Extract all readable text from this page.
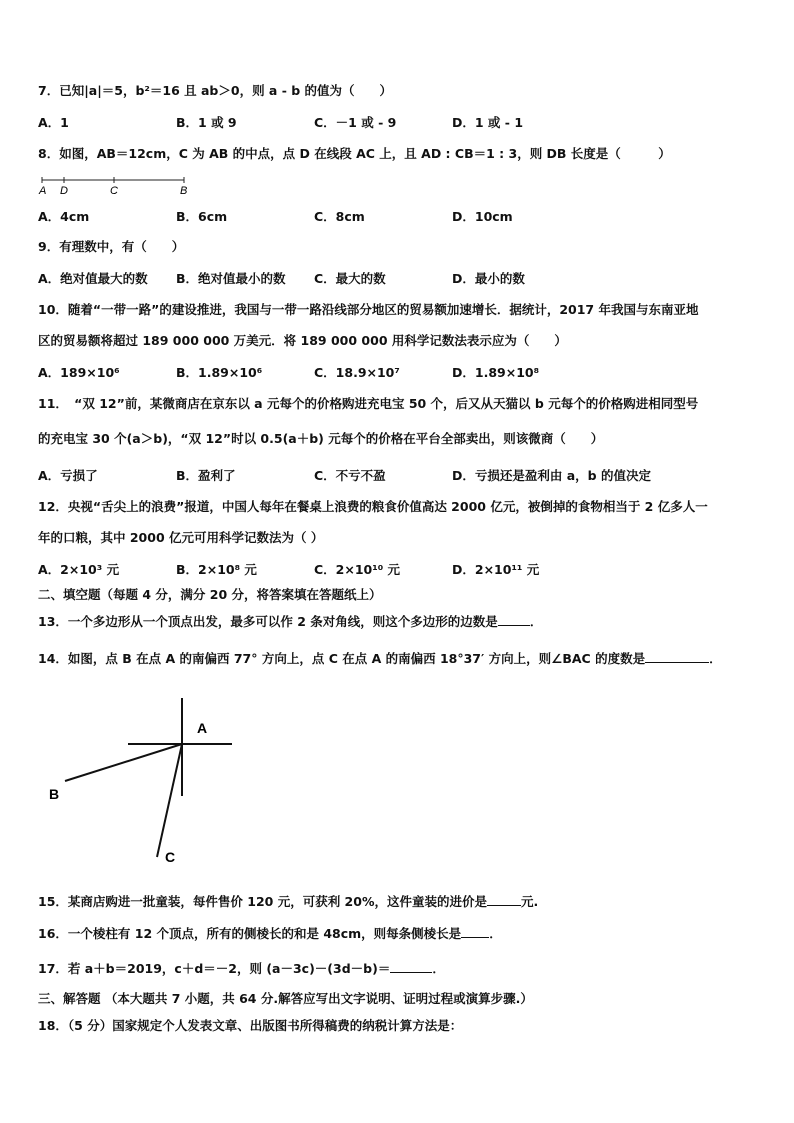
7．已知|a|＝5，b²＝16 且 ab＞0，则 a - b 的值为（　　）
A．1	B．1 或 9	C．－1 或 - 9	D．1 或 - 1
8．如图，AB＝12cm，C 为 AB 的中点，点 D 在线段 AC 上，且 AD : CB＝1 : 3，则 DB 长度是（　　　）
A D	C	B
A．4cm	B．6cm	C．8cm	D．10cm
9．有理数中，有（　　）
A．绝对值最大的数 B．绝对值最小的数 C．最大的数	D．最小的数
10．随着“一带一路”的建设推进，我国与一带一路沿线部分地区的贸易额加速增长．据统计，2017 年我国与东南亚地
区的贸易额将超过 189 000 000 万美元．将 189 000 000 用科学记数法表示应为（　　）
A．189×10⁶	B．1.89×10⁶	C．18.9×10⁷	D．1.89×10⁸
11．　“双 12”前，某微商店在京东以 a 元每个的价格购进充电宝 50 个，后又从天猫以 b 元每个的价格购进相同型号
的充电宝 30 个(a＞b)，“双 12”时以 0.5(a＋b) 元每个的价格在平台全部卖出，则该微商（　　）
A．亏损了	B．盈利了	C．不亏不盈	D．亏损还是盈利由 a，b 的值决定
12．央视“舌尖上的浪费”报道，中国人每年在餐桌上浪费的粮食价值高达 2000 亿元，被倒掉的食物相当于 2 亿多人一
年的口粮，其中 2000 亿元可用科学记数法为（ ）
A．2×10³ 元	B．2×10⁸ 元	C．2×10¹⁰ 元	D．2×10¹¹ 元
二、填空题（每题 4 分，满分 20 分，将答案填在答题纸上）
13．一个多边形从一个顶点出发，最多可以作 2 条对角线，则这个多边形的边数是	．
14．如图，点 B 在点 A 的南偏西 77° 方向上，点 C 在点 A 的南偏西 18°37′ 方向上，则∠BAC 的度数是	．
A
B
C
15．某商店购进一批童装，每件售价 120 元，可获利 20%，这件童装的进价是	元.
16．一个棱柱有 12 个顶点，所有的侧棱长的和是 48cm，则每条侧棱长是 ．
17．若 a＋b＝2019，c＋d＝－2，则 (a－3c)－(3d－b)＝	．
三、解答题 （本大题共 7 小题，共 64 分.解答应写出文字说明、证明过程或演算步骤.）
18．（5 分）国家规定个人发表文章、出版图书所得稿费的纳税计算方法是：
